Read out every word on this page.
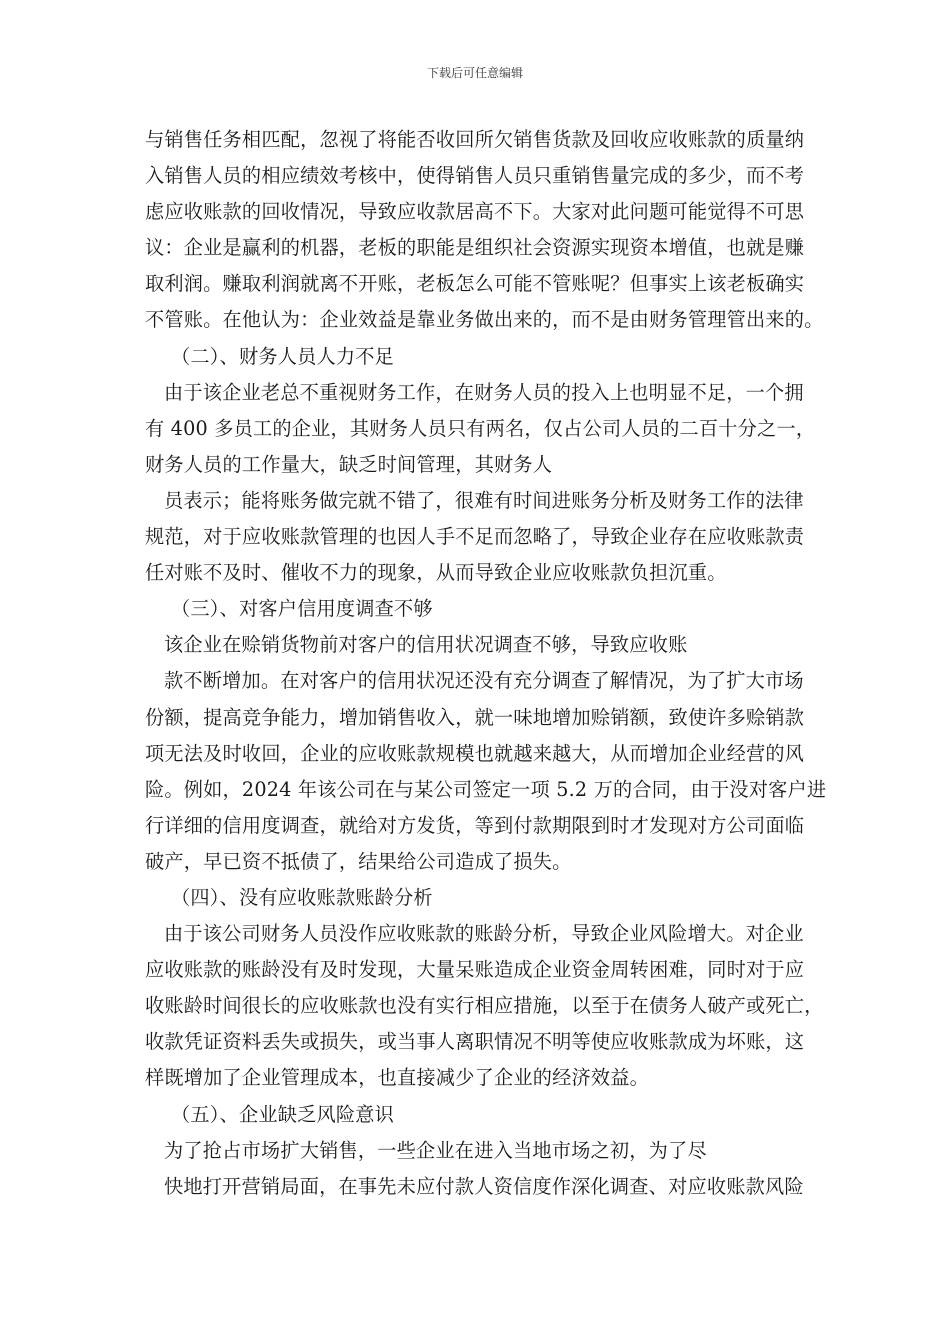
下载后可任意编辑
与销售任务相匹配，忽视了将能否收回所欠销售货款及回收应收账款的质量纳
入销售人员的相应绩效考核中，使得销售人员只重销售量完成的多少，而不考
虑应收账款的回收情况，导致应收款居高不下。大家对此问题可能觉得不可思
议：企业是赢利的机器，老板的职能是组织社会资源实现资本增值，也就是赚
取利润。赚取利润就离不开账，老板怎么可能不管账呢？但事实上该老板确实
不管账。在他认为：企业效益是靠业务做出来的，而不是由财务管理管出来的。
（二）、财务人员人力不足
由于该企业老总不重视财务工作，在财务人员的投入上也明显不足，一个拥
有 400 多员工的企业，其财务人员只有两名，仅占公司人员的二百十分之一，
财务人员的工作量大，缺乏时间管理，其财务人
员表示；能将账务做完就不错了，很难有时间进账务分析及财务工作的法律
规范，对于应收账款管理的也因人手不足而忽略了，导致企业存在应收账款责
任对账不及时、催收不力的现象，从而导致企业应收账款负担沉重。
（三）、对客户信用度调查不够
该企业在赊销货物前对客户的信用状况调查不够，导致应收账
款不断增加。在对客户的信用状况还没有充分调查了解情况，为了扩大市场
份额，提高竞争能力，增加销售收入，就一味地增加赊销额，致使许多赊销款
项无法及时收回，企业的应收账款规模也就越来越大，从而增加企业经营的风
险。例如，2024 年该公司在与某公司签定一项 5.2 万的合同，由于没对客户进
行详细的信用度调查，就给对方发货，等到付款期限到时才发现对方公司面临
破产，早已资不抵债了，结果给公司造成了损失。
（四）、没有应收账款账龄分析
由于该公司财务人员没作应收账款的账龄分析，导致企业风险增大。对企业
应收账款的账龄没有及时发现，大量呆账造成企业资金周转困难，同时对于应
收账龄时间很长的应收账款也没有实行相应措施，以至于在债务人破产或死亡，
收款凭证资料丢失或损失，或当事人离职情况不明等使应收账款成为坏账，这
样既增加了企业管理成本，也直接减少了企业的经济效益。
（五）、企业缺乏风险意识
为了抢占市场扩大销售，一些企业在进入当地市场之初，为了尽
快地打开营销局面，在事先未应付款人资信度作深化调查、对应收账款风险
